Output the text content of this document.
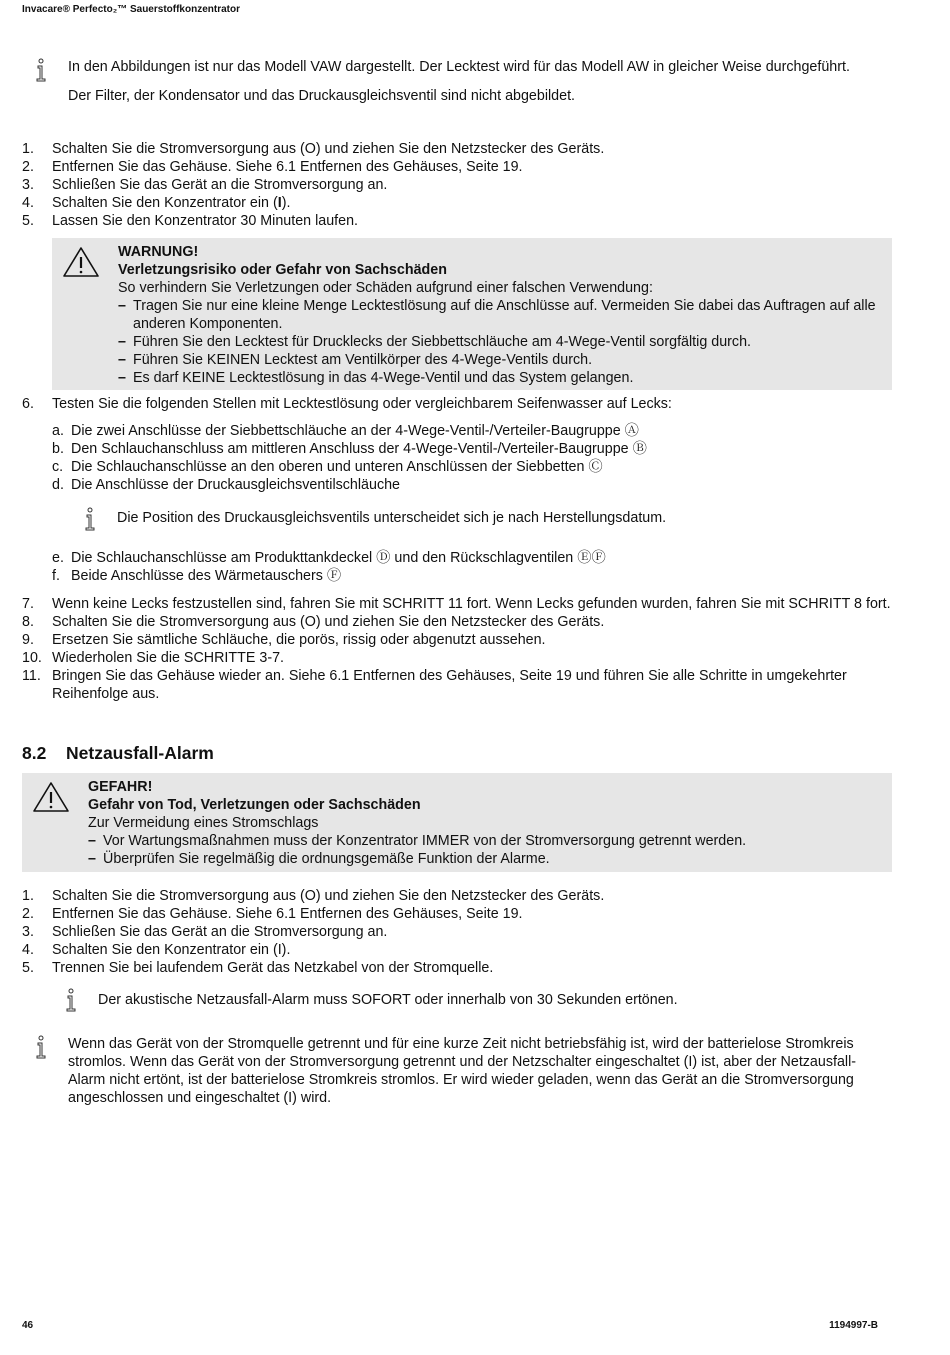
Invacare® Perfecto₂™ Sauerstoffkonzentrator

In den Abbildungen ist nur das Modell VAW dargestellt. Der Lecktest wird für das Modell AW in gleicher Weise durchgeführt.

Der Filter, der Kondensator und das Druckausgleichsventil sind nicht abgebildet.

1. Schalten Sie die Stromversorgung aus (O) und ziehen Sie den Netzstecker des Geräts.
2. Entfernen Sie das Gehäuse. Siehe 6.1 Entfernen des Gehäuses, Seite 19.
3. Schließen Sie das Gerät an die Stromversorgung an.
4. Schalten Sie den Konzentrator ein (I).
5. Lassen Sie den Konzentrator 30 Minuten laufen.
WARNUNG!
Verletzungsrisiko oder Gefahr von Sachschäden
So verhindern Sie Verletzungen oder Schäden aufgrund einer falschen Verwendung:
– Tragen Sie nur eine kleine Menge Lecktestlösung auf die Anschlüsse auf. Vermeiden Sie dabei das Auftragen auf alle anderen Komponenten.
– Führen Sie den Lecktest für Drucklecks der Siebbettschläuche am 4-Wege-Ventil sorgfältig durch.
– Führen Sie KEINEN Lecktest am Ventilkörper des 4-Wege-Ventils durch.
– Es darf KEINE Lecktestlösung in das 4-Wege-Ventil und das System gelangen.
6. Testen Sie die folgenden Stellen mit Lecktestlösung oder vergleichbarem Seifenwasser auf Lecks:
a. Die zwei Anschlüsse der Siebbettschläuche an der 4-Wege-Ventil-/Verteiler-Baugruppe Ⓐ
b. Den Schlauchanschluss am mittleren Anschluss der 4-Wege-Ventil-/Verteiler-Baugruppe Ⓑ
c. Die Schlauchanschlüsse an den oberen und unteren Anschlüssen der Siebbetten Ⓒ
d. Die Anschlüsse der Druckausgleichsventilschläuche
Die Position des Druckausgleichsventils unterscheidet sich je nach Herstellungsdatum.
e. Die Schlauchanschlüsse am Produkttankdeckel Ⓓ und den Rückschlagventilen ⒺⒻ
f. Beide Anschlüsse des Wärmetauschers Ⓕ
7. Wenn keine Lecks festzustellen sind, fahren Sie mit SCHRITT 11 fort. Wenn Lecks gefunden wurden, fahren Sie mit SCHRITT 8 fort.
8. Schalten Sie die Stromversorgung aus (O) und ziehen Sie den Netzstecker des Geräts.
9. Ersetzen Sie sämtliche Schläuche, die porös, rissig oder abgenutzt aussehen.
10. Wiederholen Sie die SCHRITTE 3-7.
11. Bringen Sie das Gehäuse wieder an. Siehe 6.1 Entfernen des Gehäuses, Seite 19 und führen Sie alle Schritte in umgekehrter Reihenfolge aus.
8.2 Netzausfall-Alarm
GEFAHR!
Gefahr von Tod, Verletzungen oder Sachschäden
Zur Vermeidung eines Stromschlags
– Vor Wartungsmaßnahmen muss der Konzentrator IMMER von der Stromversorgung getrennt werden.
– Überprüfen Sie regelmäßig die ordnungsgemäße Funktion der Alarme.
1. Schalten Sie die Stromversorgung aus (O) und ziehen Sie den Netzstecker des Geräts.
2. Entfernen Sie das Gehäuse. Siehe 6.1 Entfernen des Gehäuses, Seite 19.
3. Schließen Sie das Gerät an die Stromversorgung an.
4. Schalten Sie den Konzentrator ein (I).
5. Trennen Sie bei laufendem Gerät das Netzkabel von der Stromquelle.
Der akustische Netzausfall-Alarm muss SOFORT oder innerhalb von 30 Sekunden ertönen.
Wenn das Gerät von der Stromquelle getrennt und für eine kurze Zeit nicht betriebsfähig ist, wird der batterielose Stromkreis stromlos. Wenn das Gerät von der Stromversorgung getrennt und der Netzschalter eingeschaltet (I) ist, aber der Netzausfall-Alarm nicht ertönt, ist der batterielose Stromkreis stromlos. Er wird wieder geladen, wenn das Gerät an die Stromversorgung angeschlossen und eingeschaltet (I) wird.
46	1194997-B
